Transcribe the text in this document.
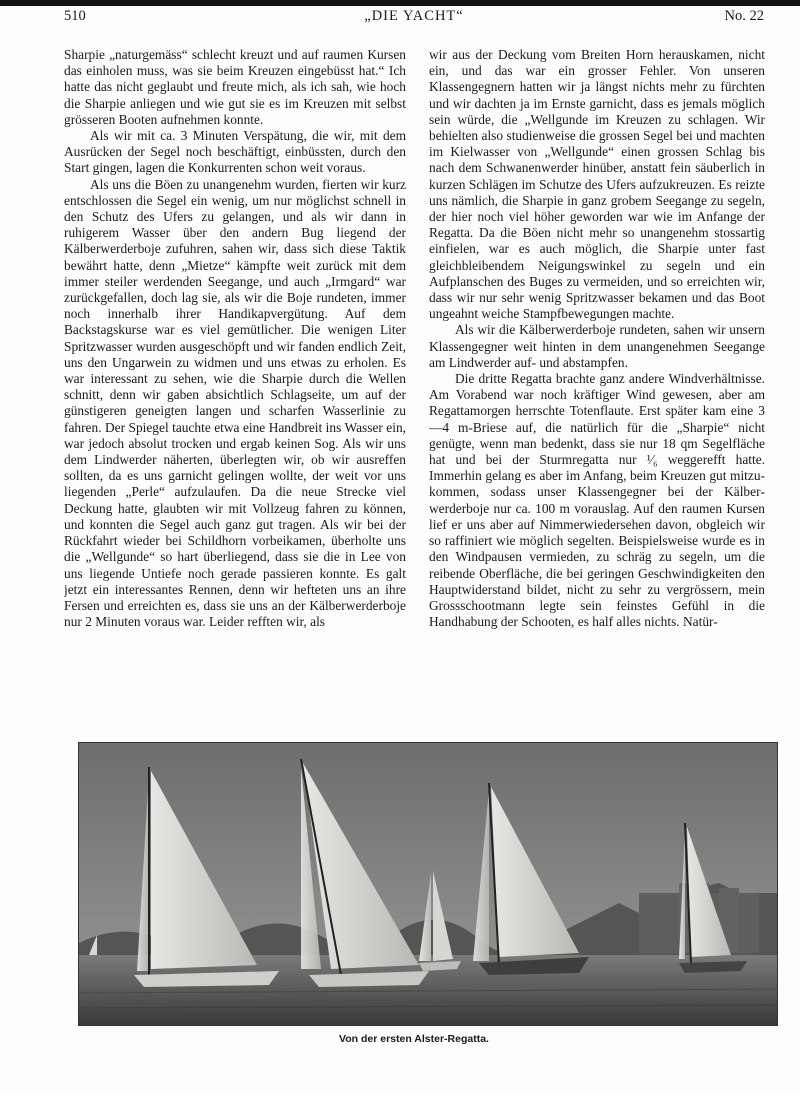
510	„DIE YACHT“	No. 22

Sharpie „naturgemäss“ schlecht kreuzt und auf raumen Kursen das einholen muss, was sie beim Kreuzen eingebüsst hat.“ Ich hatte das nicht geglaubt und freute mich, als ich sah, wie hoch die Sharpie anliegen und wie gut sie es im Kreuzen mit selbst grösseren Booten aufnehmen konnte.

Als wir mit ca. 3 Minuten Verspätung, die wir, mit dem Ausrücken der Segel noch beschäftigt, einbüssten, durch den Start gingen, lagen die Konkurrenten schon weit voraus.

Als uns die Böen zu unangenehm wurden, fierten wir kurz entschlossen die Segel ein wenig, um nur möglichst schnell in den Schutz des Ufers zu gelangen, und als wir dann in ruhigerem Wasser über den andern Bug liegend der Kälberwerderboje zufuhren, sahen wir, dass sich diese Taktik bewährt hatte, denn „Mietze“ kämpfte weit zurück mit dem immer steiler werdenden Seegange, und auch „Irmgard“ war zurückgefallen, doch lag sie, als wir die Boje rundeten, immer noch innerhalb ihrer Handikapvergütung. Auf dem Backstagskurse war es viel gemütlicher. Die wenigen Liter Spritzwasser wurden ausgeschöpft und wir fanden endlich Zeit, uns den Ungarwein zu widmen und uns etwas zu erholen. Es war interessant zu sehen, wie die Sharpie durch die Wellen schnitt, denn wir gaben absichtlich Schlagseite, um auf der günstigeren geneigten langen und scharfen Wasserlinie zu fahren. Der Spiegel tauchte etwa eine Handbreit ins Wasser ein, war jedoch absolut trocken und ergab keinen Sog. Als wir uns dem Lindwerder näherten, überlegten wir, ob wir ausreffen sollten, da es uns garnicht gelingen wollte, der weit vor uns liegenden „Perle“ aufzulaufen. Da die neue Strecke viel Deckung hatte, glaubten wir mit Vollzeug fahren zu können, und konnten die Segel auch ganz gut tragen. Als wir bei der Rückfahrt wieder bei Schildhorn vorbeikamen, überholte uns die „Wellgunde“ so hart überliegend, dass sie die in Lee von uns liegende Untiefe noch gerade passieren konnte. Es galt jetzt ein interessantes Rennen, denn wir hefteten uns an ihre Fersen und erreichten es, dass sie uns an der Kälberwerderboje nur 2 Minuten voraus war. Leider refften wir, als

wir aus der Deckung vom Breiten Horn herauskamen, nicht ein, und das war ein grosser Fehler. Von unseren Klassengegnern hatten wir ja längst nichts mehr zu fürchten und wir dachten ja im Ernste garnicht, dass es jemals möglich sein würde, die „Wellgunde im Kreuzen zu schlagen. Wir behielten also studienweise die grossen Segel bei und machten im Kielwasser von „Wellgunde“ einen grossen Schlag bis nach dem Schwanenwerder hinüber, anstatt fein säuberlich in kurzen Schlägen im Schutze des Ufers aufzukreuzen. Es reizte uns nämlich, die Sharpie in ganz grobem Seegange zu segeln, der hier noch viel höher geworden war wie im Anfange der Regatta. Da die Böen nicht mehr so unangenehm stossartig einfielen, war es auch möglich, die Sharpie unter fast gleichbleibendem Neigungswinkel zu segeln und ein Aufplanschen des Buges zu vermeiden, und so erreichten wir, dass wir nur sehr wenig Spritzwasser bekamen und das Boot ungeahnt weiche Stampfbewegungen machte.

Als wir die Kälberwerderboje rundeten, sahen wir unsern Klassengegner weit hinten in dem unangenehmen Seegange am Lindwerder auf- und abstampfen.

Die dritte Regatta brachte ganz andere Windverhältnisse. Am Vorabend war noch kräftiger Wind gewesen, aber am Regattamorgen herrschte Totenflaute. Erst später kam eine 3—4 m-Briese auf, die natürlich für die „Sharpie“ nicht genügte, wenn man bedenkt, dass sie nur 18 qm Segelfläche hat und bei der Sturmregatta nur ¹⁄₆ weggerefft hatte. Immerhin gelang es aber im Anfang, beim Kreuzen gut mitzukommen, sodass unser Klassengegner bei der Kälberwerderboje nur ca. 100 m vorauslag. Auf den raumen Kursen lief er uns aber auf Nimmerwiedersehen davon, obgleich wir so raffiniert wie möglich segelten. Beispielsweise wurde es in den Windpausen vermieden, zu schräg zu segeln, um die reibende Oberfläche, die bei geringen Geschwindigkeiten den Hauptwiderstand bildet, nicht zu sehr zu vergrössern, mein Grossschootmann legte sein feinstes Gefühl in die Handhabung der Schooten, es half alles nichts. Natür-

Von der ersten Alster-Regatta.
